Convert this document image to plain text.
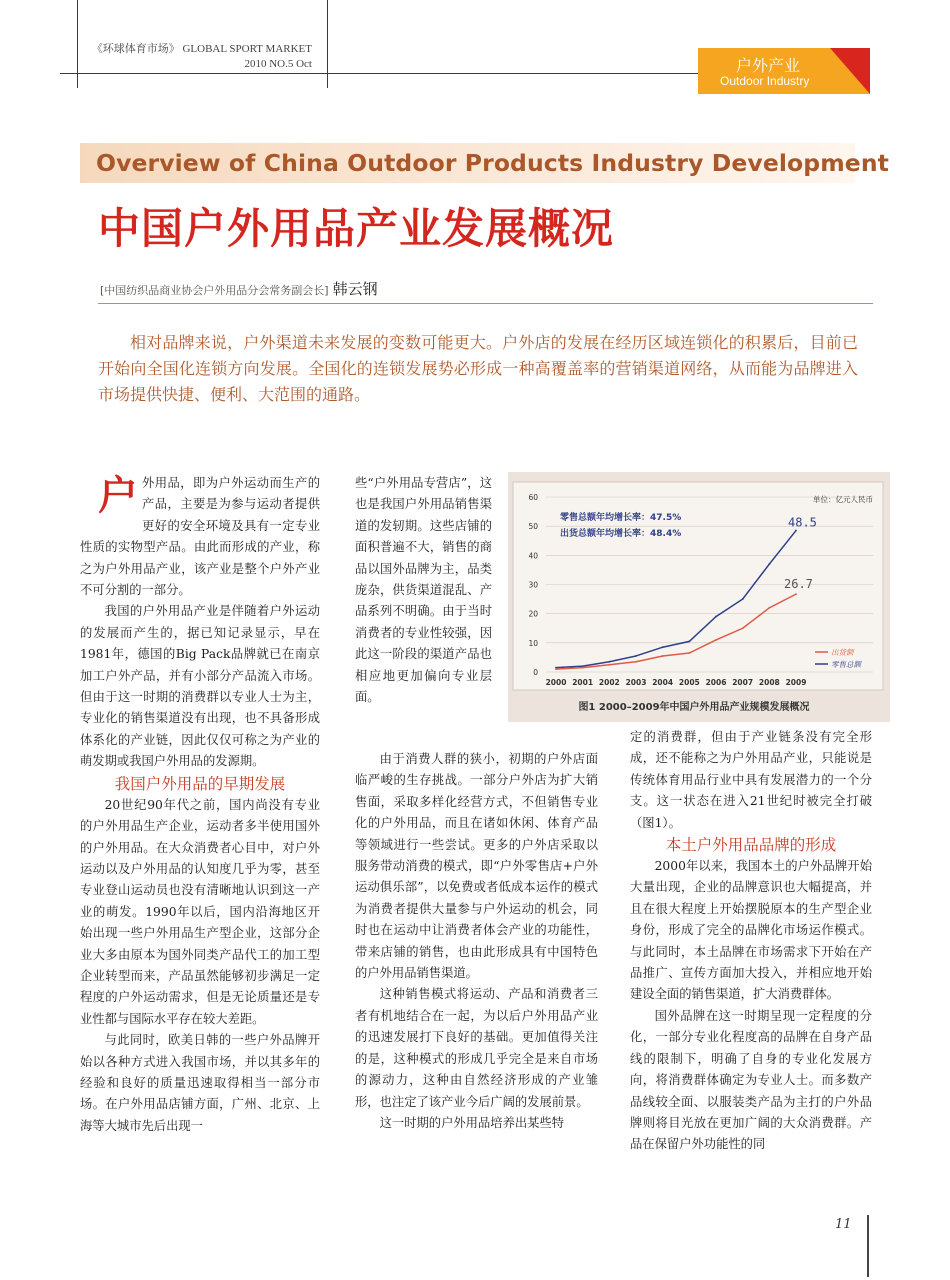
《环球体育市场》 GLOBAL SPORT MARKET
2010 NO.5 Oct	户外产业
Outdoor Industry
Overview of China Outdoor Products Industry Development
中国户外用品产业发展概况
[中国纺织品商业协会户外用品分会常务副会长] 韩云钢

相对品牌来说，户外渠道未来发展的变数可能更大。户外店的发展在经历区域连锁化的积累后，目前已开始向全国化连锁方向发展。全国化的连锁发展势必形成一种高覆盖率的营销渠道网络，从而能为品牌进入市场提供快捷、便利、大范围的通路。

户外用品，即为户外运动而生产的产品，主要是为参与运动者提供更好的安全环境及具有一定专业性质的实物型产品。由此而形成的产业，称之为户外用品产业，该产业是整个户外产业不可分割的一部分。

我国的户外用品产业是伴随着户外运动的发展而产生的，据已知记录显示，早在1981年，德国的Big Pack品牌就已在南京加工户外产品，并有小部分产品流入市场。但由于这一时期的消费群以专业人士为主，专业化的销售渠道没有出现，也不具备形成体系化的产业链，因此仅仅可称之为产业的萌发期或我国户外用品的发源期。

我国户外用品的早期发展

20世纪90年代之前，国内尚没有专业的户外用品生产企业，运动者多半使用国外的户外用品。在大众消费者心目中，对户外运动以及户外用品的认知度几乎为零，甚至专业登山运动员也没有清晰地认识到这一产业的萌发。1990年以后，国内沿海地区开始出现一些户外用品生产型企业，这部分企业大多由原本为国外同类产品代工的加工型企业转型而来，产品虽然能够初步满足一定程度的户外运动需求，但是无论质量还是专业性都与国际水平存在较大差距。

与此同时，欧美日韩的一些户外品牌开始以各种方式进入我国市场，并以其多年的经验和良好的质量迅速取得相当一部分市场。在户外用品店铺方面，广州、北京、上海等大城市先后出现一

些“户外用品专营店”，这也是我国户外用品销售渠道的发轫期。这些店铺的面积普遍不大，销售的商品以国外品牌为主，品类庞杂，供货渠道混乱、产品系列不明确。由于当时消费者的专业性较强，因此这一阶段的渠道产品也相应地更加偏向专业层面。

由于消费人群的狭小，初期的户外店面临严峻的生存挑战。一部分户外店为扩大销售面，采取多样化经营方式，不但销售专业化的户外用品，而且在诸如休闲、体育产品等领域进行一些尝试。更多的户外店采取以服务带动消费的模式，即“户外零售店+户外运动俱乐部”，以免费或者低成本运作的模式为消费者提供大量参与户外运动的机会，同时也在运动中让消费者体会产业的功能性，带来店铺的销售，也由此形成具有中国特色的户外用品销售渠道。

这种销售模式将运动、产品和消费者三者有机地结合在一起，为以后户外用品产业的迅速发展打下良好的基础。更加值得关注的是，这种模式的形成几乎完全是来自市场的源动力，这种由自然经济形成的产业雏形，也注定了该产业今后广阔的发展前景。

这一时期的户外用品培养出某些特

定的消费群，但由于产业链条没有完全形成，还不能称之为户外用品产业，只能说是传统体育用品行业中具有发展潜力的一个分支。这一状态在进入21世纪时被完全打破（图1）。

本土户外用品品牌的形成

2000年以来，我国本土的户外品牌开始大量出现，企业的品牌意识也大幅提高，并且在很大程度上开始摆脱原本的生产型企业身份，形成了完全的品牌化市场运作模式。与此同时，本土品牌在市场需求下开始在产品推广、宣传方面加大投入，并相应地开始建设全面的销售渠道，扩大消费群体。

国外品牌在这一时期呈现一定程度的分化，一部分专业化程度高的品牌在自身产品线的限制下，明确了自身的专业化发展方向，将消费群体确定为专业人士。而多数产品线较全面、以服装类产品为主打的户外品牌则将目光放在更加广阔的大众消费群。产品在保留户外功能性的同

0
10
20
30
40
50
60
2000 2001 2002 2003 2004 2005 2006 2007 2008 2009
48.5
26.7
单位：亿元人民币
零售总额年均增长率：47.5%
出货总额年均增长率：48.4%
出货额
零售总额
图1 2000–2009年中国户外用品产业规模发展概况
11
